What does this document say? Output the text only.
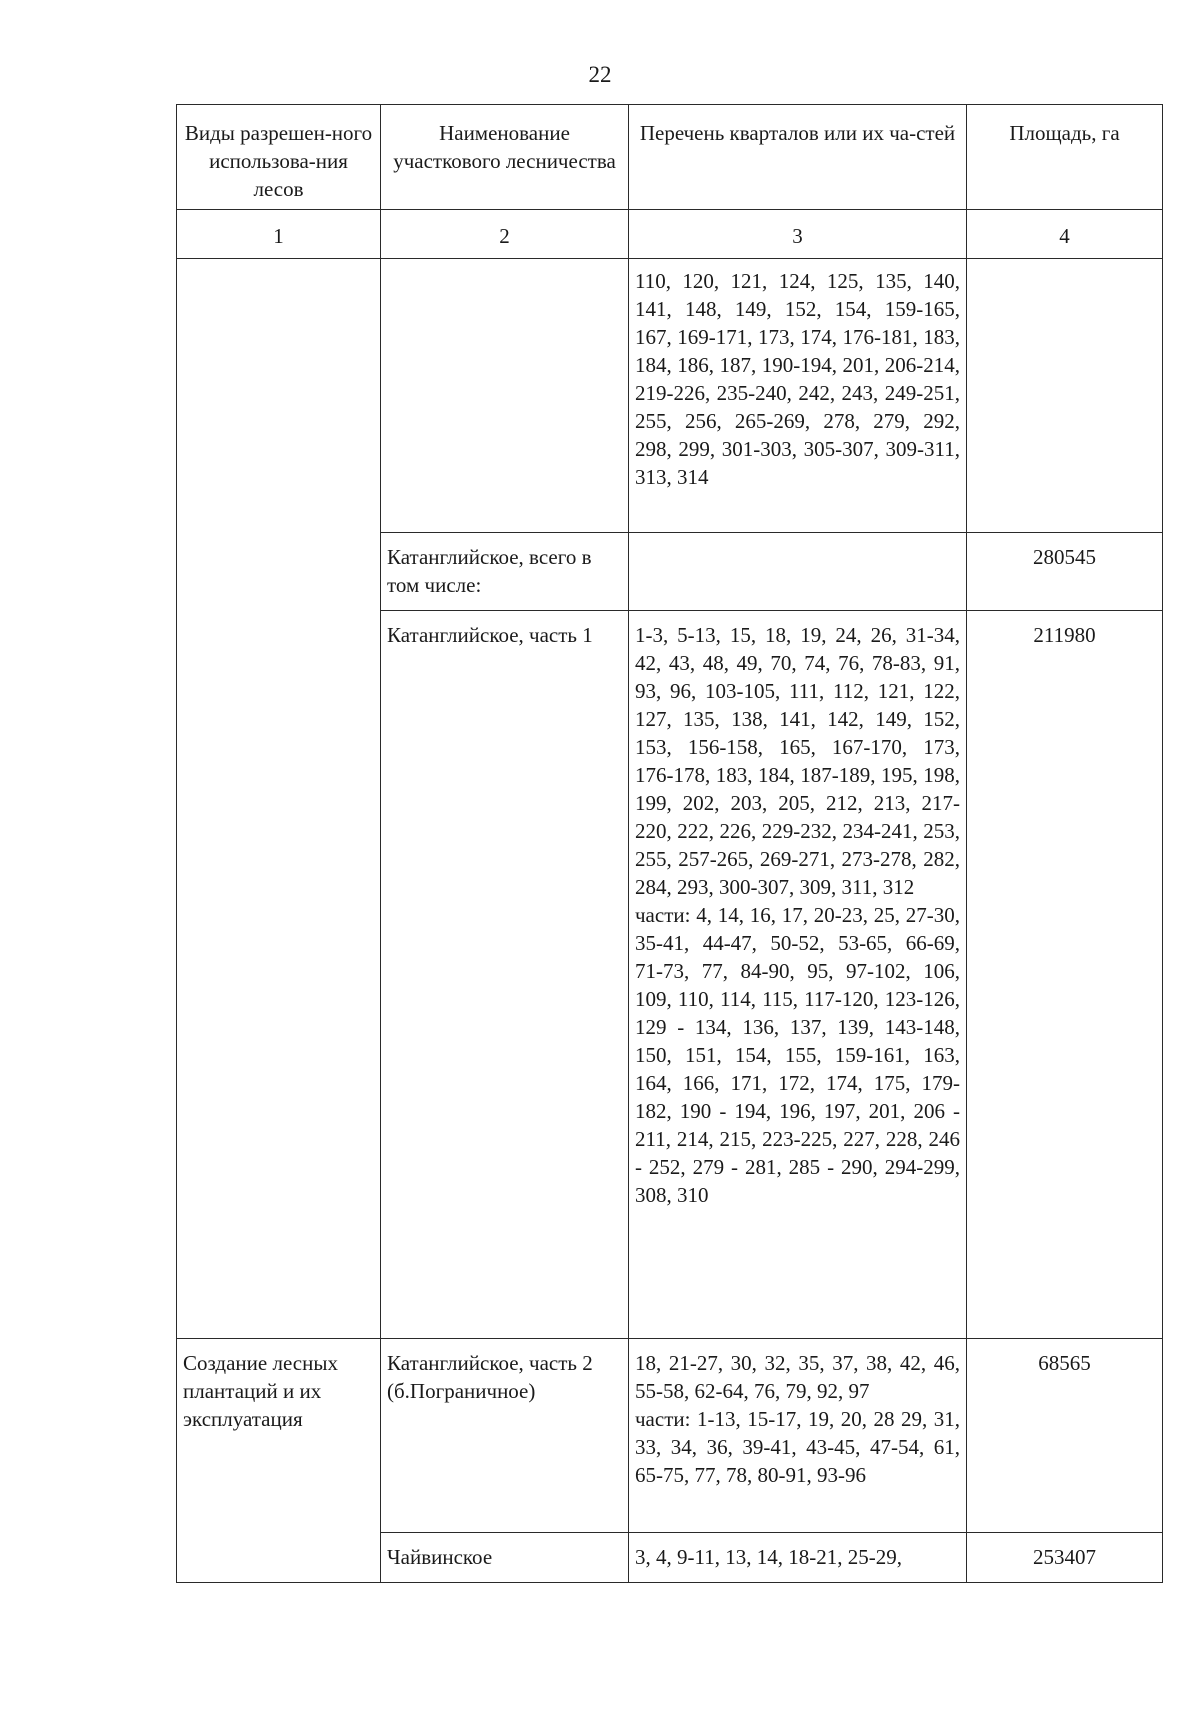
22
Виды разрешен-ного использова-ния лесов	Наименование участкового лесничества	Перечень кварталов или их ча-стей	Площадь, га
1	2	3	4
		110, 120, 121, 124, 125, 135, 140, 141, 148, 149, 152, 154, 159-165, 167, 169-171, 173, 174, 176-181, 183, 184, 186, 187, 190-194, 201, 206-214, 219-226, 235-240, 242, 243, 249-251, 255, 256, 265-269, 278, 279, 292, 298, 299, 301-303, 305-307, 309-311, 313, 314	
	Катанглийское, всего в том числе:		280545
	Катанглийское, часть 1	1-3, 5-13, 15, 18, 19, 24, 26, 31-34, 42, 43, 48, 49, 70, 74, 76, 78-83, 91, 93, 96, 103-105, 111, 112, 121, 122, 127, 135, 138, 141, 142, 149, 152, 153, 156-158, 165, 167-170, 173, 176-178, 183, 184, 187-189, 195, 198, 199, 202, 203, 205, 212, 213, 217-220, 222, 226, 229-232, 234-241, 253, 255, 257-265, 269-271, 273-278, 282, 284, 293, 300-307, 309, 311, 312
части: 4, 14, 16, 17, 20-23, 25, 27-30, 35-41, 44-47, 50-52, 53-65, 66-69, 71-73, 77, 84-90, 95, 97-102, 106, 109, 110, 114, 115, 117-120, 123-126, 129 - 134, 136, 137, 139, 143-148, 150, 151, 154, 155, 159-161, 163, 164, 166, 171, 172, 174, 175, 179-182, 190 - 194, 196, 197, 201, 206 - 211, 214, 215, 223-225, 227, 228, 246 - 252, 279 - 281, 285 - 290, 294-299, 308, 310	211980
Создание лесных плантаций и их эксплуатация	Катанглийское, часть 2 (б.Пограничное)	18, 21-27, 30, 32, 35, 37, 38, 42, 46, 55-58, 62-64, 76, 79, 92, 97
части: 1-13, 15-17, 19, 20, 28 29, 31, 33, 34, 36, 39-41, 43-45, 47-54, 61, 65-75, 77, 78, 80-91, 93-96	68565
	Чайвинское	3, 4, 9-11, 13, 14, 18-21, 25-29,	253407
